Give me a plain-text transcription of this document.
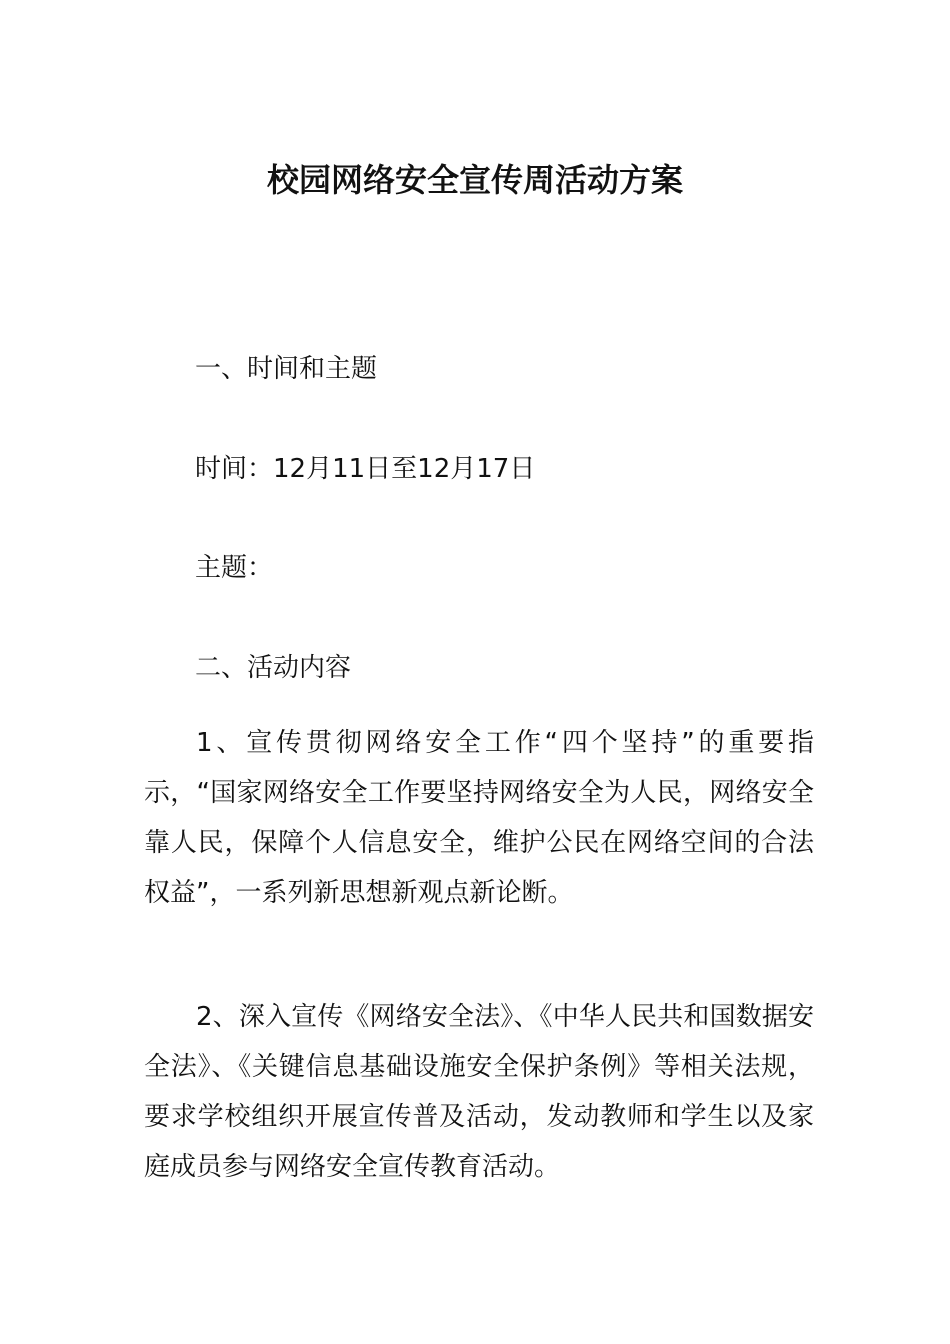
校园网络安全宣传周活动方案
一、时间和主题
时间：12月11日至12月17日
主题：
二、活动内容
1、宣传贯彻网络安全工作“四个坚持”的重要指示，“国家网络安全工作要坚持网络安全为人民，网络安全靠人民，保障个人信息安全，维护公民在网络空间的合法权益”，一系列新思想新观点新论断。
2、深入宣传《网络安全法》、《中华人民共和国数据安全法》、《关键信息基础设施安全保护条例》等相关法规，要求学校组织开展宣传普及活动，发动教师和学生以及家庭成员参与网络安全宣传教育活动。
